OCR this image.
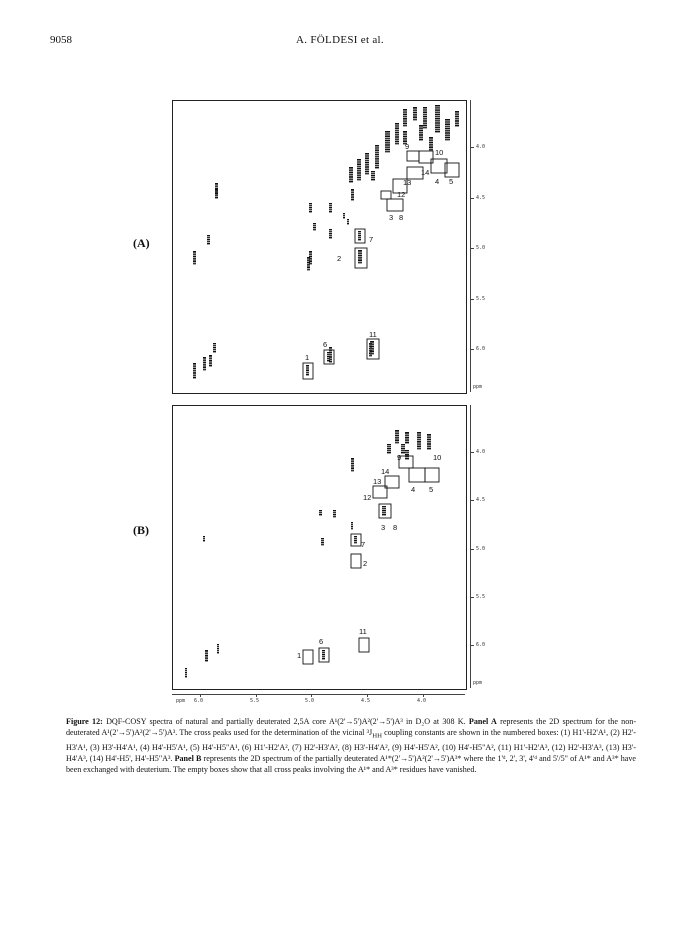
9058	A. FÖLDESI et al.
(A)
1
2
3
4 5
6
7
8
9
10
11
12
13
14
(B)
1
2
3
4 5
6
7
8
9	10
11
12
13
14
4.0
4.5
5.0
5.5
6.0
ppm
4.0
4.5
5.0
5.5
6.0
ppm
6.0	5.5	5.0	4.5	4.0
ppm
Figure 12: DQF-COSY spectra of natural and partially deuterated 2,5A core A¹(2'→5')A²(2'→5')A³ in D₂O at 308 K. Panel A represents the 2D spectrum for the non-deuterated A¹(2'→5')A²(2'→5')A³. The cross peaks used for the determination of the vicinal $^3J_{HH}$ coupling constants are shown in the numbered boxes: (1) H1'-H2'A¹, (2) H2'-H3'A¹, (3) H3'-H4'A¹, (4) H4'-H5'A¹, (5) H4'-H5"A¹, (6) H1'-H2'A², (7) H2'-H3'A², (8) H3'-H4'A², (9) H4'-H5'A², (10) H4'-H5"A², (11) H1'-H2'A³, (12) H2'-H3'A³, (13) H3'-H4'A³, (14) H4'-H5', H4'-H5"A³. Panel B represents the 2D spectrum of the partially deuterated A¹*(2'→5')A²(2'→5')A³* where the 1'ᵈ, 2', 3', 4'ᵈ and 5'/5" of A¹* and A³* have been exchanged with deuterium. The empty boxes show that all cross peaks involving the A¹* and A³* residues have vanished.
